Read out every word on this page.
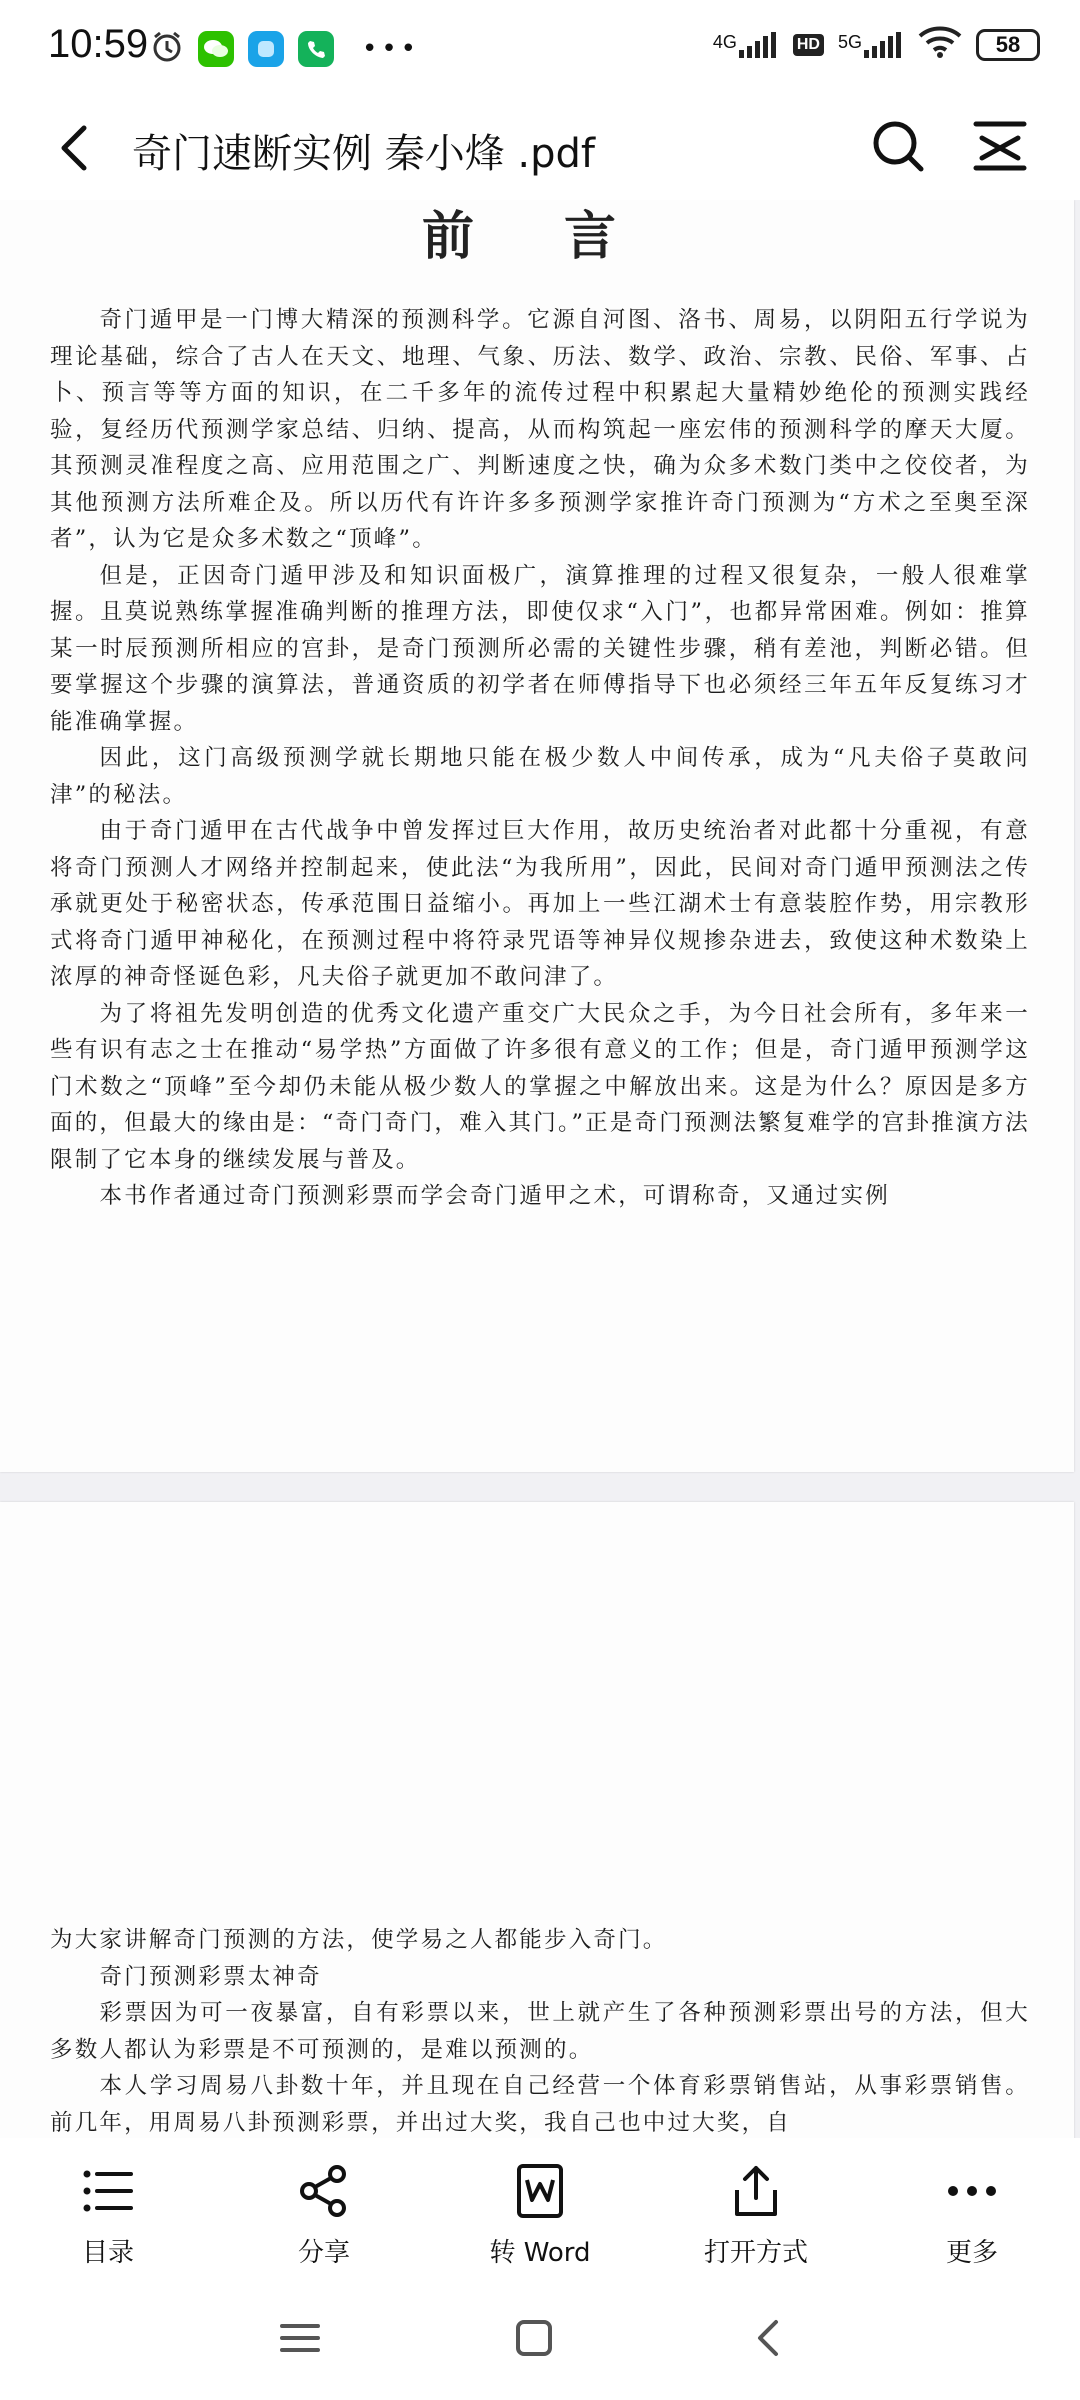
10:59	•••	4G	HD 5G	58
奇门速断实例 秦小烽 .pdf
前 言

奇门遁甲是一门博大精深的预测科学。它源自河图、洛书、周易，以阴阳五行学说为理论基础，综合了古人在天文、地理、气象、历法、数学、政治、宗教、民俗、军事、占卜、预言等等方面的知识，在二千多年的流传过程中积累起大量精妙绝伦的预测实践经验，复经历代预测学家总结、归纳、提高，从而构筑起一座宏伟的预测科学的摩天大厦。其预测灵准程度之高、应用范围之广、判断速度之快，确为众多术数门类中之佼佼者，为其他预测方法所难企及。所以历代有许许多多预测学家推许奇门预测为“方术之至奥至深者”，认为它是众多术数之“顶峰”。

但是，正因奇门遁甲涉及和知识面极广，演算推理的过程又很复杂，一般人很难掌握。且莫说熟练掌握准确判断的推理方法，即使仅求“入门”，也都异常困难。例如：推算某一时辰预测所相应的宫卦，是奇门预测所必需的关键性步骤，稍有差池，判断必错。但要掌握这个步骤的演算法，普通资质的初学者在师傅指导下也必须经三年五年反复练习才能准确掌握。

因此，这门高级预测学就长期地只能在极少数人中间传承，成为“凡夫俗子莫敢问津”的秘法。

由于奇门遁甲在古代战争中曾发挥过巨大作用，故历史统治者对此都十分重视，有意将奇门预测人才网络并控制起来，使此法“为我所用”，因此，民间对奇门遁甲预测法之传承就更处于秘密状态，传承范围日益缩小。再加上一些江湖术士有意装腔作势，用宗教形式将奇门遁甲神秘化，在预测过程中将符录咒语等神异仪规掺杂进去，致使这种术数染上浓厚的神奇怪诞色彩，凡夫俗子就更加不敢问津了。

为了将祖先发明创造的优秀文化遗产重交广大民众之手，为今日社会所有，多年来一些有识有志之士在推动“易学热”方面做了许多很有意义的工作；但是，奇门遁甲预测学这门术数之“顶峰”至今却仍未能从极少数人的掌握之中解放出来。这是为什么？原因是多方面的，但最大的缘由是：“奇门奇门，难入其门。”正是奇门预测法繁复难学的宫卦推演方法限制了它本身的继续发展与普及。

本书作者通过奇门预测彩票而学会奇门遁甲之术，可谓称奇，又通过实例

为大家讲解奇门预测的方法，使学易之人都能步入奇门。

奇门预测彩票太神奇

彩票因为可一夜暴富，自有彩票以来，世上就产生了各种预测彩票出号的方法，但大多数人都认为彩票是不可预测的，是难以预测的。

本人学习周易八卦数十年，并且现在自己经营一个体育彩票销售站，从事彩票销售。前几年，用周易八卦预测彩票，并出过大奖，我自己也中过大奖，自

目录	分享	转 Word	打开方式	更多
